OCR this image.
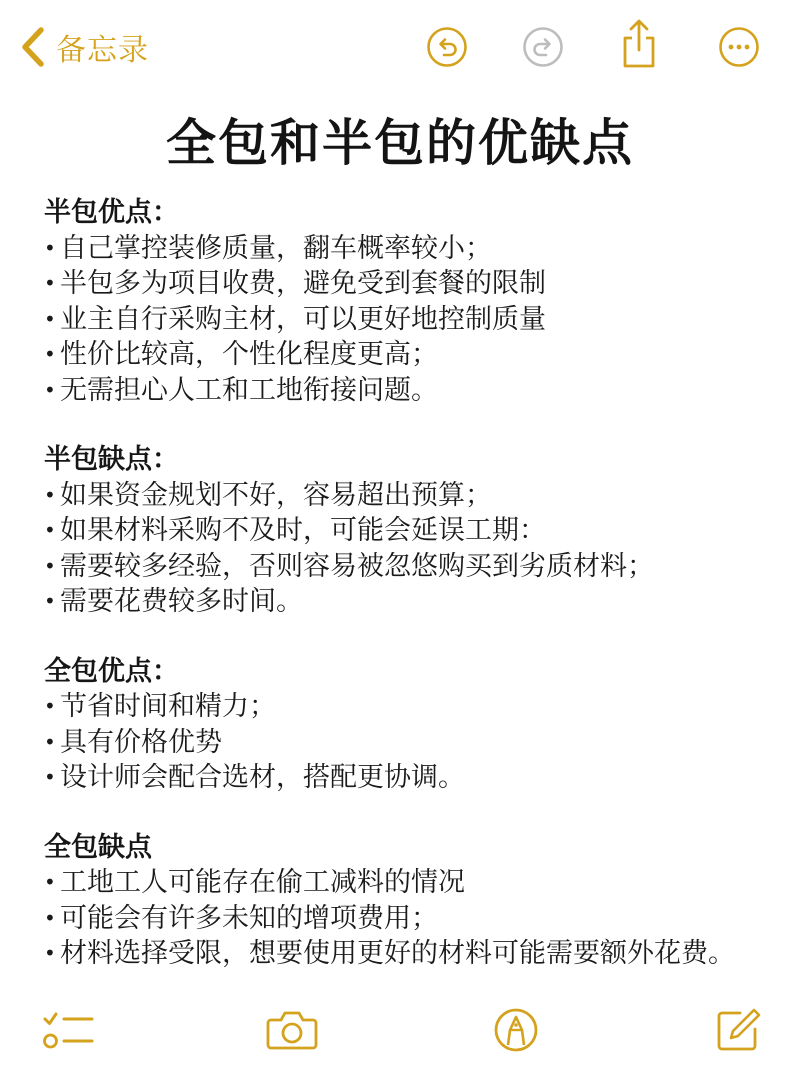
备忘录
全包和半包的优缺点
半包优点：
• 自己掌控装修质量，翻车概率较小；
• 半包多为项目收费，避免受到套餐的限制
• 业主自行采购主材，可以更好地控制质量
• 性价比较高，个性化程度更高；
• 无需担心人工和工地衔接问题。
半包缺点：
• 如果资金规划不好，容易超出预算；
• 如果材料采购不及时，可能会延误工期：
• 需要较多经验，否则容易被忽悠购买到劣质材料；
• 需要花费较多时间。
全包优点：
• 节省时间和精力；
• 具有价格优势
• 设计师会配合选材，搭配更协调。
全包缺点
• 工地工人可能存在偷工减料的情况
• 可能会有许多未知的增项费用；
• 材料选择受限，想要使用更好的材料可能需要额外花费。
